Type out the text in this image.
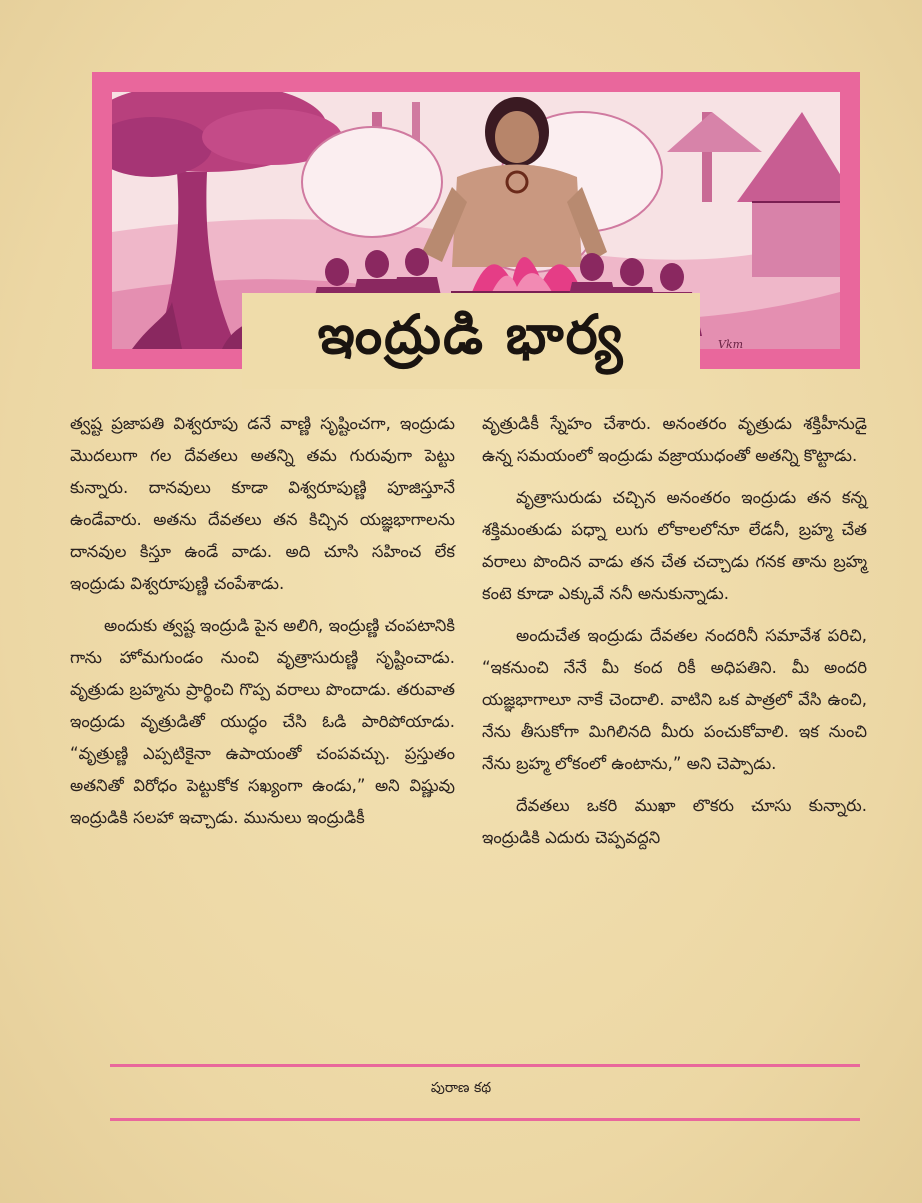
ఇంద్రుడి భార్య	Vkm

త్వష్ట ప్రజాపతి విశ్వరూపు డనే వాణ్ణి సృష్టించగా, ఇంద్రుడు మొదలుగా గల దేవతలు అతన్ని తమ గురువుగా పెట్టు కున్నారు. దానవులు కూడా విశ్వరూపుణ్ణి పూజిస్తూనే ఉండేవారు. అతను దేవతలు తన కిచ్చిన యజ్ఞభాగాలను దానవుల కిస్తూ ఉండే వాడు. అది చూసి సహించ లేక ఇంద్రుడు విశ్వరూపుణ్ణి చంపేశాడు.

అందుకు త్వష్ట ఇంద్రుడి పైన అలిగి, ఇంద్రుణ్ణి చంపటానికి గాను హోమగుండం నుంచి వృత్రాసురుణ్ణి సృష్టించాడు. వృత్రుడు బ్రహ్మను ప్రార్థించి గొప్ప వరాలు పొందాడు. తరువాత ఇంద్రుడు వృత్రుడితో యుద్ధం చేసి ఓడి పారిపోయాడు. “వృత్రుణ్ణి ఎప్పటికైనా ఉపాయంతో చంపవచ్చు. ప్రస్తుతం అతనితో విరోధం పెట్టుకోక సఖ్యంగా ఉండు,” అని విష్ణువు ఇంద్రుడికి సలహా ఇచ్చాడు. మునులు ఇంద్రుడికీ

వృత్రుడికీ స్నేహం చేశారు. అనంతరం వృత్రుడు శక్తిహీనుడై ఉన్న సమయంలో ఇంద్రుడు వజ్రాయుధంతో అతన్ని కొట్టాడు.

వృత్రాసురుడు చచ్చిన అనంతరం ఇంద్రుడు తన కన్న శక్తిమంతుడు పధ్నా లుగు లోకాలలోనూ లేడనీ, బ్రహ్మ చేత వరాలు పొందిన వాడు తన చేత చచ్చాడు గనక తాను బ్రహ్మ కంటె కూడా ఎక్కువే ననీ అనుకున్నాడు.

అందుచేత ఇంద్రుడు దేవతల నందరినీ సమావేశ పరిచి, “ఇకనుంచి నేనే మీ కంద రికీ అధిపతిని. మీ అందరి యజ్ఞభాగాలూ నాకే చెందాలి. వాటిని ఒక పాత్రలో వేసి ఉంచి, నేను తీసుకోగా మిగిలినది మీరు పంచుకోవాలి. ఇక నుంచి నేను బ్రహ్మ లోకంలో ఉంటాను,” అని చెప్పాడు.

దేవతలు ఒకరి ముఖా లొకరు చూసు కున్నారు. ఇంద్రుడికి ఎదురు చెప్పవద్దని

పురాణ కథ
